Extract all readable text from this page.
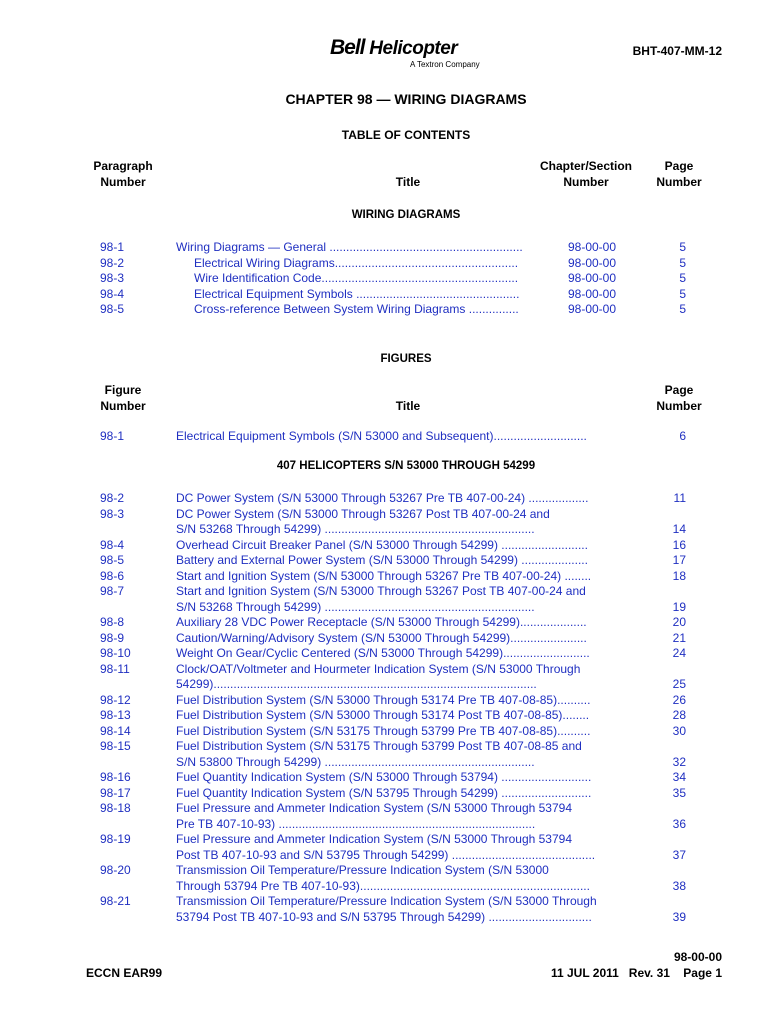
Bell Helicopter
A Textron Company
BHT-407-MM-12
CHAPTER 98 — WIRING DIAGRAMS
TABLE OF CONTENTS
Paragraph
Number	Title
Chapter/Section
Number
Page
Number
WIRING DIAGRAMS
98-1	Wiring Diagrams — General ..........................................................	98-00-00	5
98-2	Electrical Wiring Diagrams.......................................................	98-00-00	5
98-3	Wire Identification Code...........................................................	98-00-00	5
98-4	Electrical Equipment Symbols .................................................	98-00-00	5
98-5	Cross-reference Between System Wiring Diagrams ...............	98-00-00	5
FIGURES
Figure
Number	Title
Page
Number
98-1	Electrical Equipment Symbols (S/N 53000 and Subsequent)............................	6
407 HELICOPTERS S/N 53000 THROUGH 54299
98-2	DC Power System (S/N 53000 Through 53267 Pre TB 407-00-24) ..................	11
98-3	DC Power System (S/N 53000 Through 53267 Post TB 407-00-24 and
S/N 53268 Through 54299) ...............................................................	14
98-4	Overhead Circuit Breaker Panel (S/N 53000 Through 54299) ..........................	16
98-5	Battery and External Power System (S/N 53000 Through 54299) ....................	17
98-6	Start and Ignition System (S/N 53000 Through 53267 Pre TB 407-00-24) ........	18
98-7	Start and Ignition System (S/N 53000 Through 53267 Post TB 407-00-24 and
S/N 53268 Through 54299) ...............................................................	19
98-8	Auxiliary 28 VDC Power Receptacle (S/N 53000 Through 54299)....................	20
98-9	Caution/Warning/Advisory System (S/N 53000 Through 54299).......................	21
98-10	Weight On Gear/Cyclic Centered (S/N 53000 Through 54299)..........................	24
98-11	Clock/OAT/Voltmeter and Hourmeter Indication System (S/N 53000 Through
54299).................................................................................................	25
98-12	Fuel Distribution System (S/N 53000 Through 53174 Pre TB 407-08-85)..........	26
98-13	Fuel Distribution System (S/N 53000 Through 53174 Post TB 407-08-85)........	28
98-14	Fuel Distribution System (S/N 53175 Through 53799 Pre TB 407-08-85)..........	30
98-15	Fuel Distribution System (S/N 53175 Through 53799 Post TB 407-08-85 and
S/N 53800 Through 54299) ...............................................................	32
98-16	Fuel Quantity Indication System (S/N 53000 Through 53794) ...........................	34
98-17	Fuel Quantity Indication System (S/N 53795 Through 54299) ...........................	35
98-18	Fuel Pressure and Ammeter Indication System (S/N 53000 Through 53794
Pre TB 407-10-93) .............................................................................	36
98-19	Fuel Pressure and Ammeter Indication System (S/N 53000 Through 53794
Post TB 407-10-93 and S/N 53795 Through 54299) ...........................................	37
98-20	Transmission Oil Temperature/Pressure Indication System (S/N 53000
Through 53794 Pre TB 407-10-93).....................................................................	38
98-21	Transmission Oil Temperature/Pressure Indication System (S/N 53000 Through
53794 Post TB 407-10-93 and S/N 53795 Through 54299) ...............................	39
98-00-00
ECCN EAR99	11 JUL 2011   Rev. 31 Page 1
